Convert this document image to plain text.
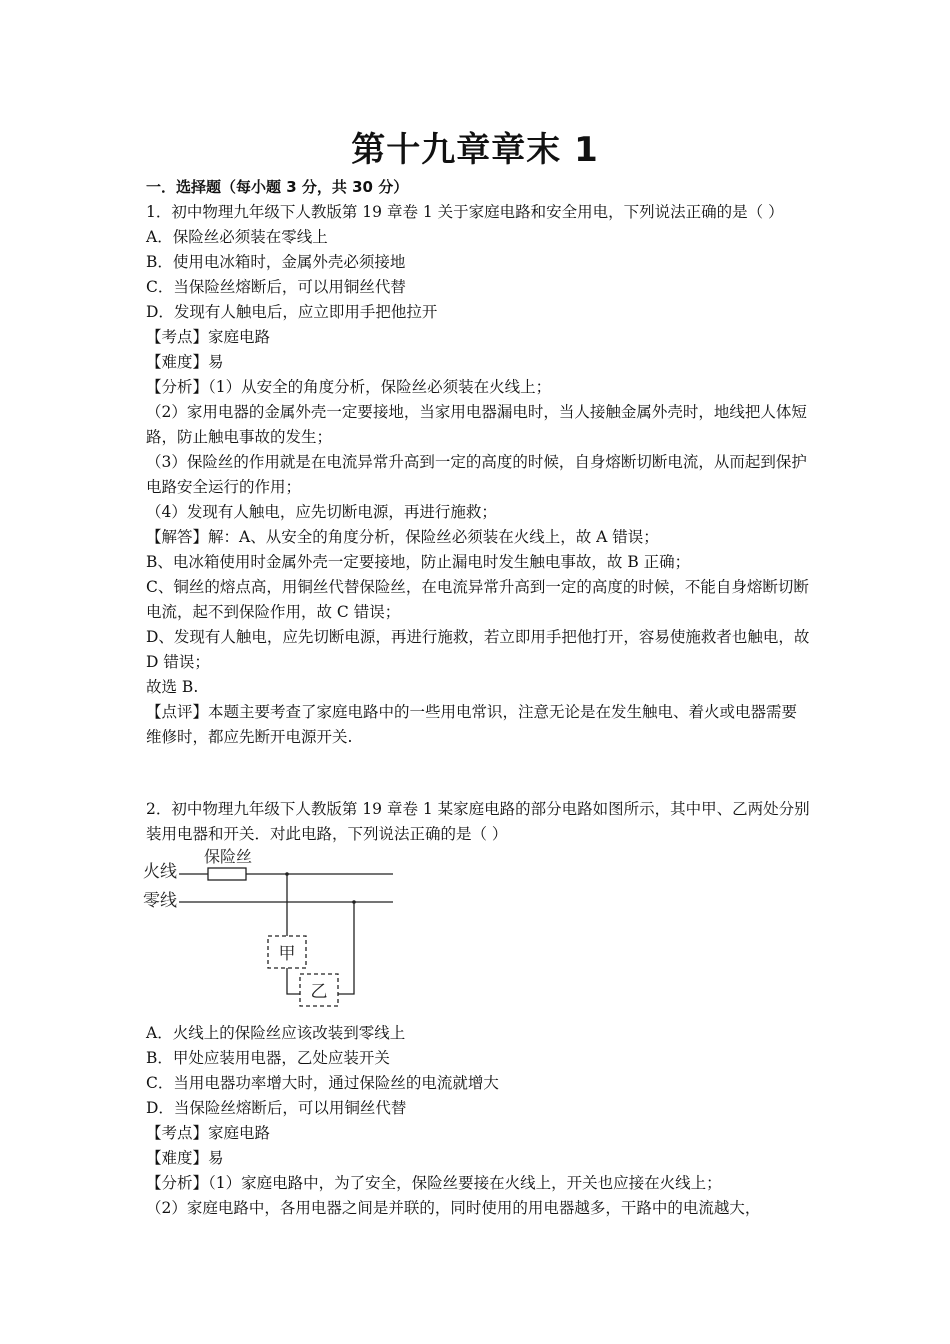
第十九章章末 1
一．选择题（每小题 3 分，共 30 分）

1．初中物理九年级下人教版第 19 章卷 1 关于家庭电路和安全用电，下列说法正确的是（ ）

A．保险丝必须装在零线上

B．使用电冰箱时，金属外壳必须接地

C．当保险丝熔断后，可以用铜丝代替

D．发现有人触电后，应立即用手把他拉开

【考点】家庭电路

【难度】易

【分析】（1）从安全的角度分析，保险丝必须装在火线上；

（2）家用电器的金属外壳一定要接地，当家用电器漏电时，当人接触金属外壳时，地线把人体短路，防止触电事故的发生；

（3）保险丝的作用就是在电流异常升高到一定的高度的时候，自身熔断切断电流，从而起到保护电路安全运行的作用；

（4）发现有人触电，应先切断电源，再进行施救；

【解答】解：A、从安全的角度分析，保险丝必须装在火线上，故 A 错误；

B、电冰箱使用时金属外壳一定要接地，防止漏电时发生触电事故，故 B 正确；

C、铜丝的熔点高，用铜丝代替保险丝，在电流异常升高到一定的高度的时候，不能自身熔断切断电流，起不到保险作用，故 C 错误；

D、发现有人触电，应先切断电源，再进行施救，若立即用手把他打开，容易使施救者也触电，故 D 错误；

故选 B.

【点评】本题主要考查了家庭电路中的一些用电常识，注意无论是在发生触电、着火或电器需要维修时，都应先断开电源开关.

2．初中物理九年级下人教版第 19 章卷 1 某家庭电路的部分电路如图所示，其中甲、乙两处分别装用电器和开关．对此电路，下列说法正确的是（ ）

火线
零线
保险丝
甲
乙

A．火线上的保险丝应该改装到零线上

B．甲处应装用电器，乙处应装开关

C．当用电器功率增大时，通过保险丝的电流就增大

D．当保险丝熔断后，可以用铜丝代替

【考点】家庭电路

【难度】易

【分析】（1）家庭电路中，为了安全，保险丝要接在火线上，开关也应接在火线上；

（2）家庭电路中，各用电器之间是并联的，同时使用的用电器越多，干路中的电流越大，
